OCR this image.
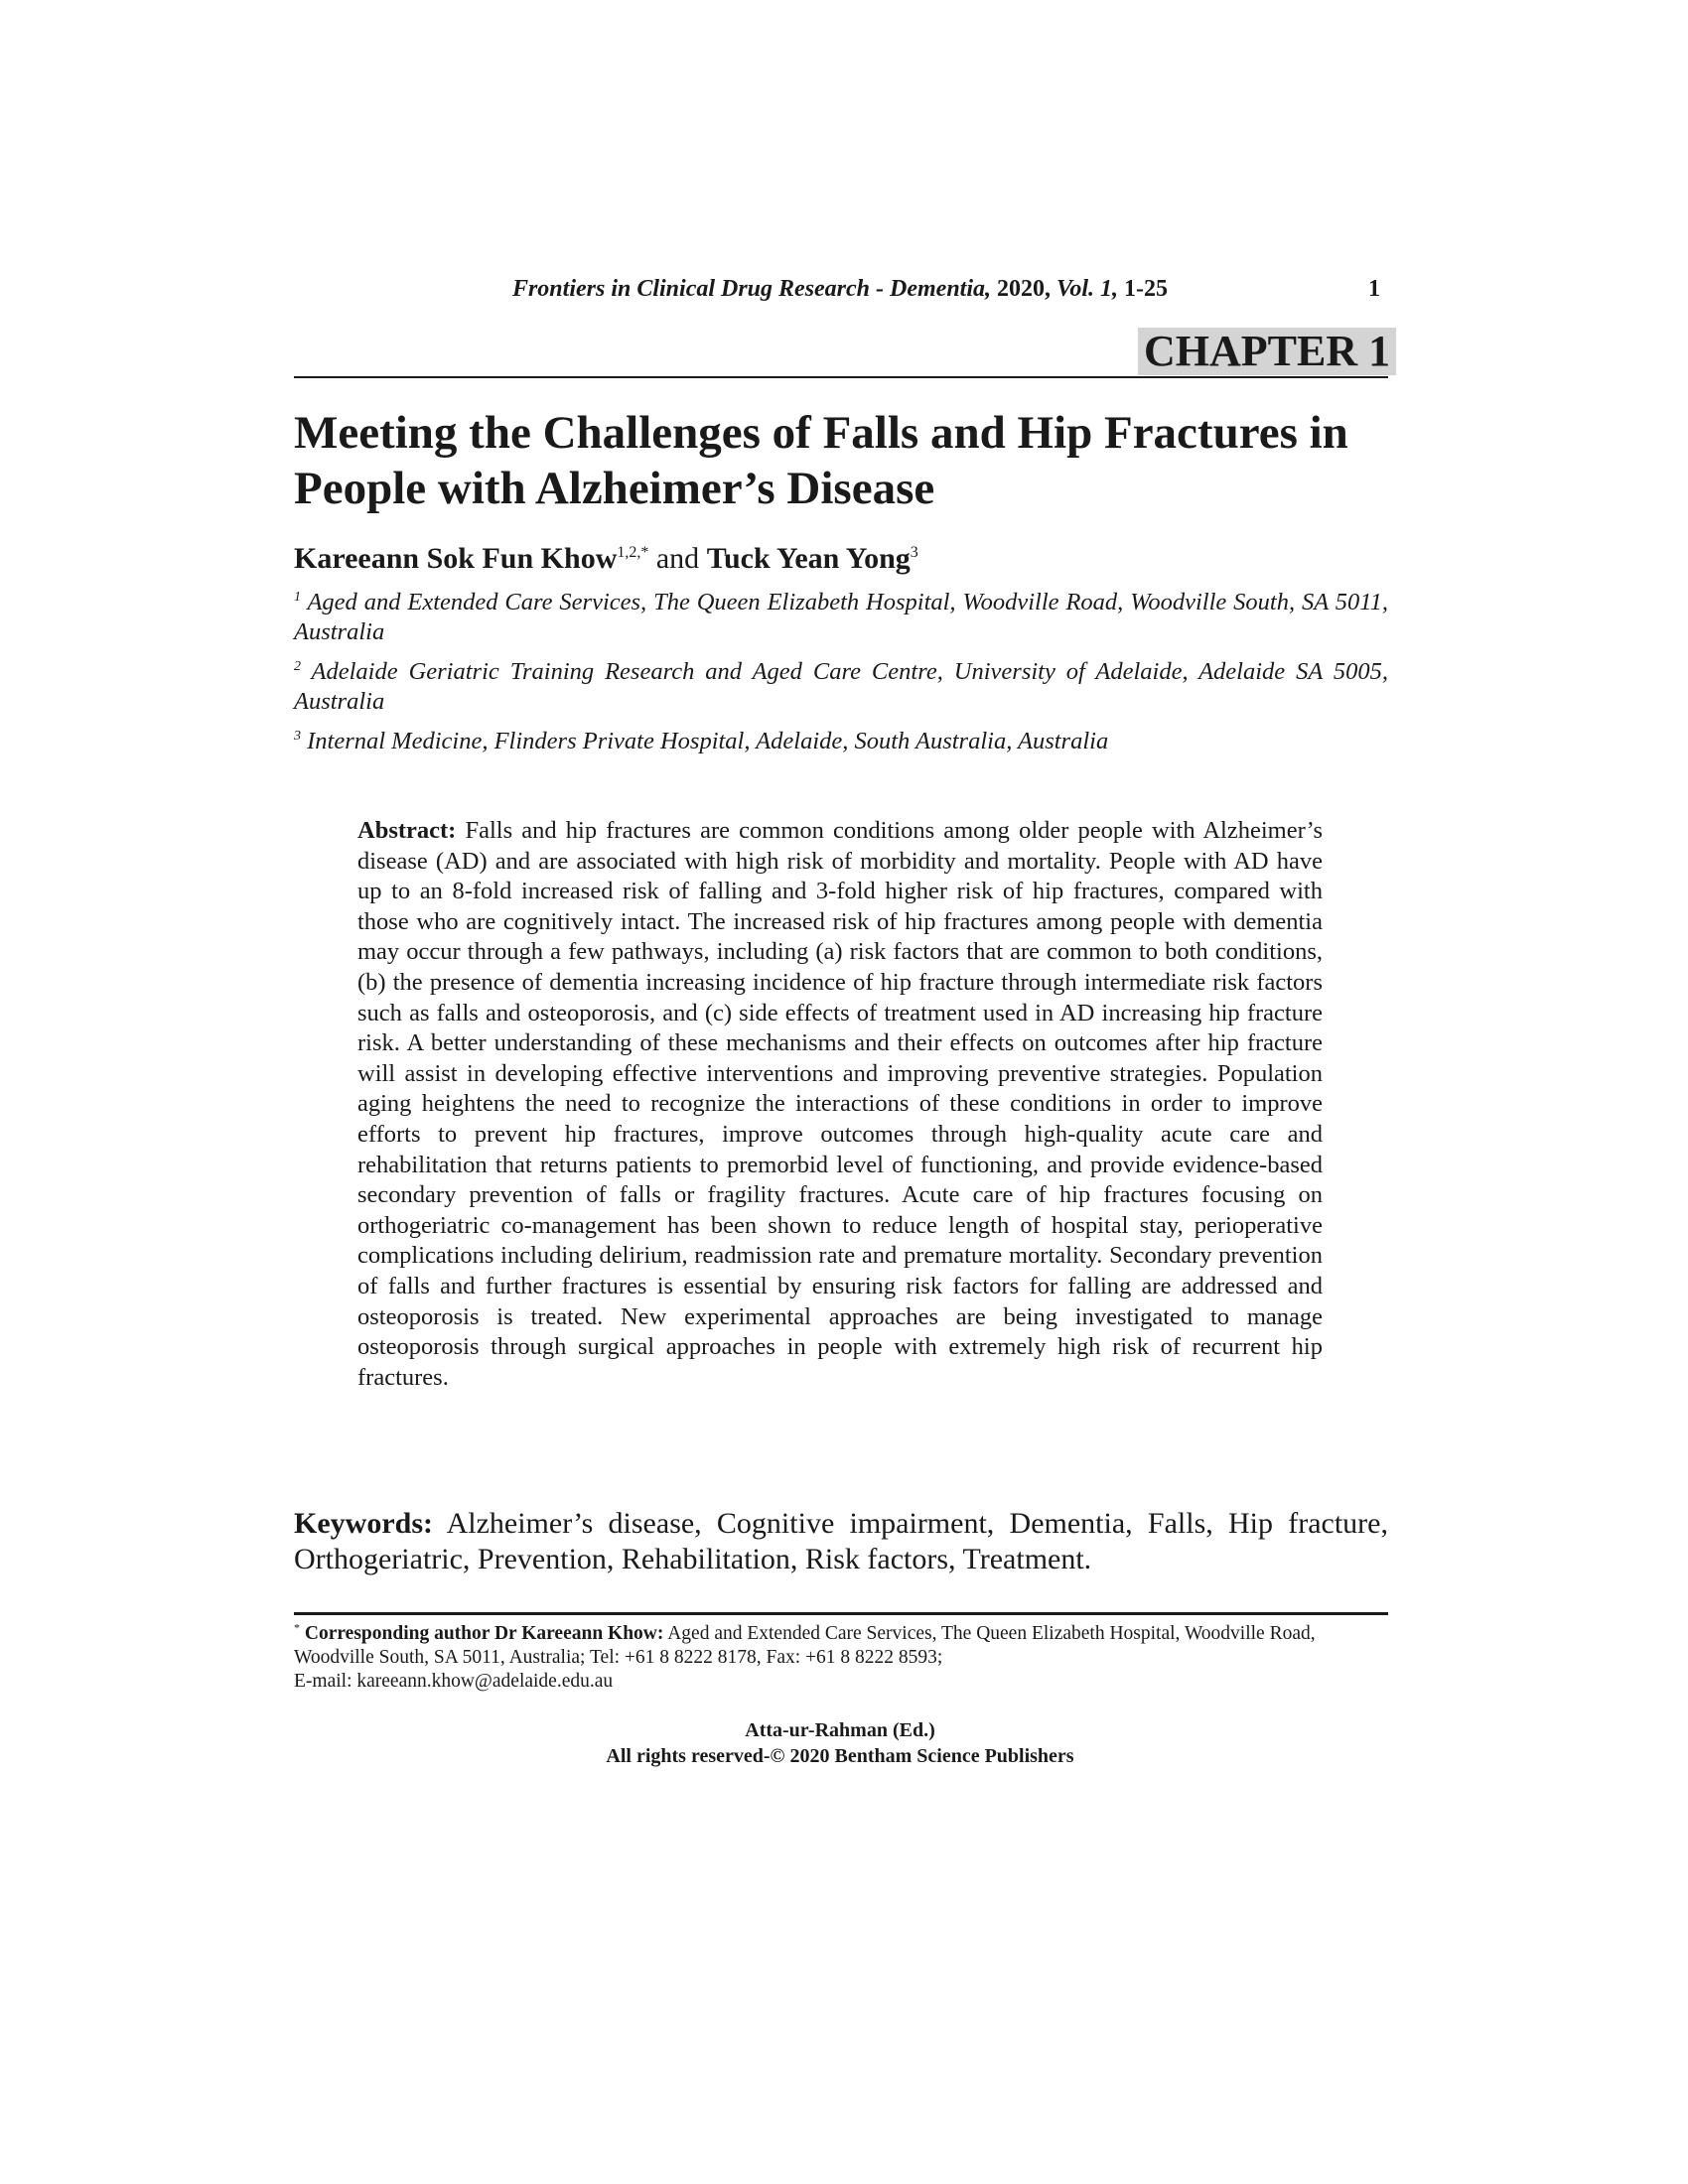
Frontiers in Clinical Drug Research - Dementia, 2020, Vol. 1, 1-25	1
CHAPTER 1
Meeting the Challenges of Falls and Hip Fractures in People with Alzheimer’s Disease
Kareeann Sok Fun Khow$^{1,2,*}$ and Tuck Yean Yong$^3$

$^1$ Aged and Extended Care Services, The Queen Elizabeth Hospital, Woodville Road, Woodville South, SA 5011, Australia

$^2$ Adelaide Geriatric Training Research and Aged Care Centre, University of Adelaide, Adelaide SA 5005, Australia

$^3$ Internal Medicine, Flinders Private Hospital, Adelaide, South Australia, Australia

Abstract: Falls and hip fractures are common conditions among older people with Alzheimer’s disease (AD) and are associated with high risk of morbidity and mortality. People with AD have up to an 8-fold increased risk of falling and 3-fold higher risk of hip fractures, compared with those who are cognitively intact. The increased risk of hip fractures among people with dementia may occur through a few pathways, including (a) risk factors that are common to both conditions, (b) the presence of dementia increasing incidence of hip fracture through intermediate risk factors such as falls and osteoporosis, and (c) side effects of treatment used in AD increasing hip fracture risk. A better understanding of these mechanisms and their effects on outcomes after hip fracture will assist in developing effective interventions and improving preventive strategies. Population aging heightens the need to recognize the interactions of these conditions in order to improve efforts to prevent hip fractures, improve outcomes through high-quality acute care and rehabilitation that returns patients to premorbid level of functioning, and provide evidence-based secondary prevention of falls or fragility fractures. Acute care of hip fractures focusing on orthogeriatric co-management has been shown to reduce length of hospital stay, perioperative complications including delirium, readmission rate and premature mortality. Secondary prevention of falls and further fractures is essential by ensuring risk factors for falling are addressed and osteoporosis is treated. New experimental approaches are being investigated to manage osteoporosis through surgical approaches in people with extremely high risk of recurrent hip fractures.

Keywords: Alzheimer’s disease, Cognitive impairment, Dementia, Falls, Hip fracture, Orthogeriatric, Prevention, Rehabilitation, Risk factors, Treatment.

* Corresponding author Dr Kareeann Khow: Aged and Extended Care Services, The Queen Elizabeth Hospital, Woodville Road, Woodville South, SA 5011, Australia; Tel: +61 8 8222 8178, Fax: +61 8 8222 8593;
E-mail: kareeann.khow@adelaide.edu.au

Atta-ur-Rahman (Ed.)
All rights reserved-© 2020 Bentham Science Publishers
